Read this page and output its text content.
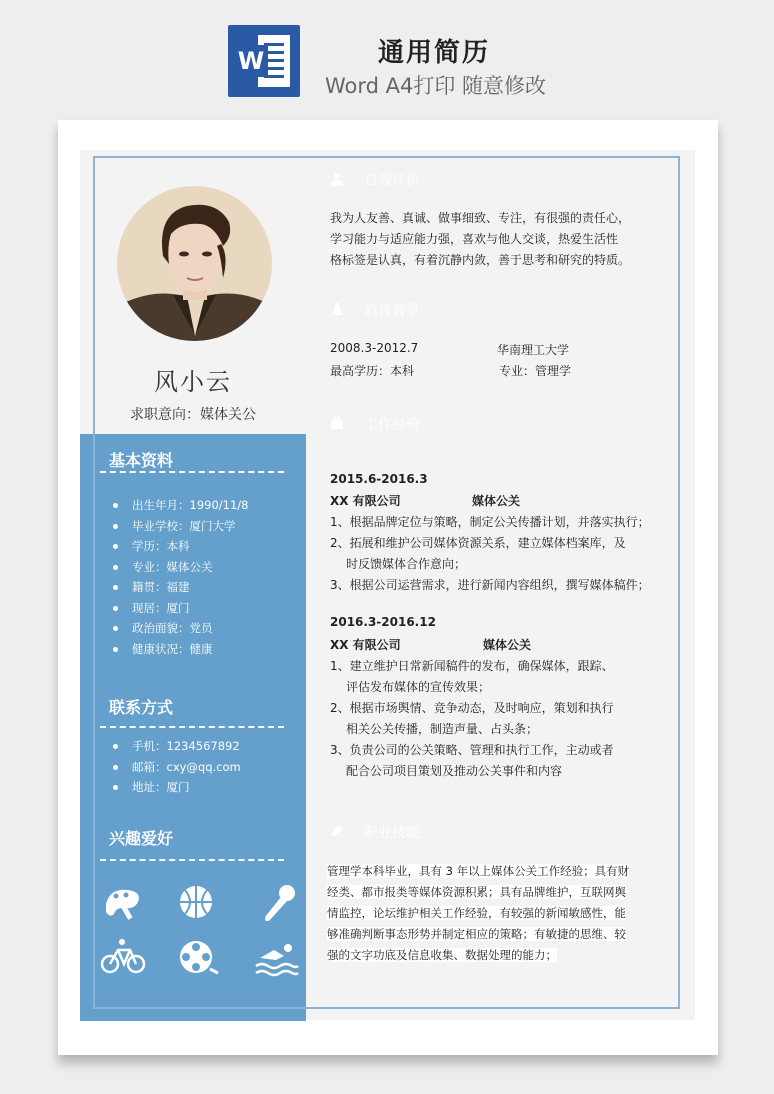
W	通用简历
Word A4打印 随意修改
风小云
求职意向：媒体关公
基本资料
出生年月：1990/11/8
毕业学校：厦门大学
学历：本科
专业：媒体公关
籍贯：福建
现居：厦门
政治面貌：党员
健康状况：健康
联系方式
手机：1234567892
邮箱：cxy@qq.com
地址：厦门
兴趣爱好
自我评价
我为人友善、真诚、做事细致、专注，有很强的责任心，
学习能力与适应能力强，喜欢与他人交谈，热爱生活性
格标签是认真，有着沉静内敛，善于思考和研究的特质。
教育背景
2008.3-2012.7	华南理工大学
最高学历：本科	专业：管理学
工作经验
2015.6-2016.3
XX 有限公司	媒体公关
1、根据品牌定位与策略，制定公关传播计划，并落实执行；
2、拓展和维护公司媒体资源关系，建立媒体档案库，及
时反馈媒体合作意向；
3、根据公司运营需求，进行新闻内容组织，撰写媒体稿件；
2016.3-2016.12
XX 有限公司	媒体公关
1、建立维护日常新闻稿件的发布，确保媒体，跟踪、
评估发布媒体的宣传效果；
2、根据市场舆情、竞争动态，及时响应，策划和执行
相关公关传播，制造声量、占头条；
3、负责公司的公关策略、管理和执行工作，主动或者
配合公司项目策划及推动公关事件和内容
职业技能
管理学本科毕业，具有 3 年以上媒体公关工作经验；具有财经类、都市报类等媒体资源积累；具有品牌维护，互联网舆情监控，论坛维护相关工作经验，有较强的新闻敏感性，能够准确判断事态形势并制定相应的策略；有敏捷的思维、较强的文字功底及信息收集、数据处理的能力；
